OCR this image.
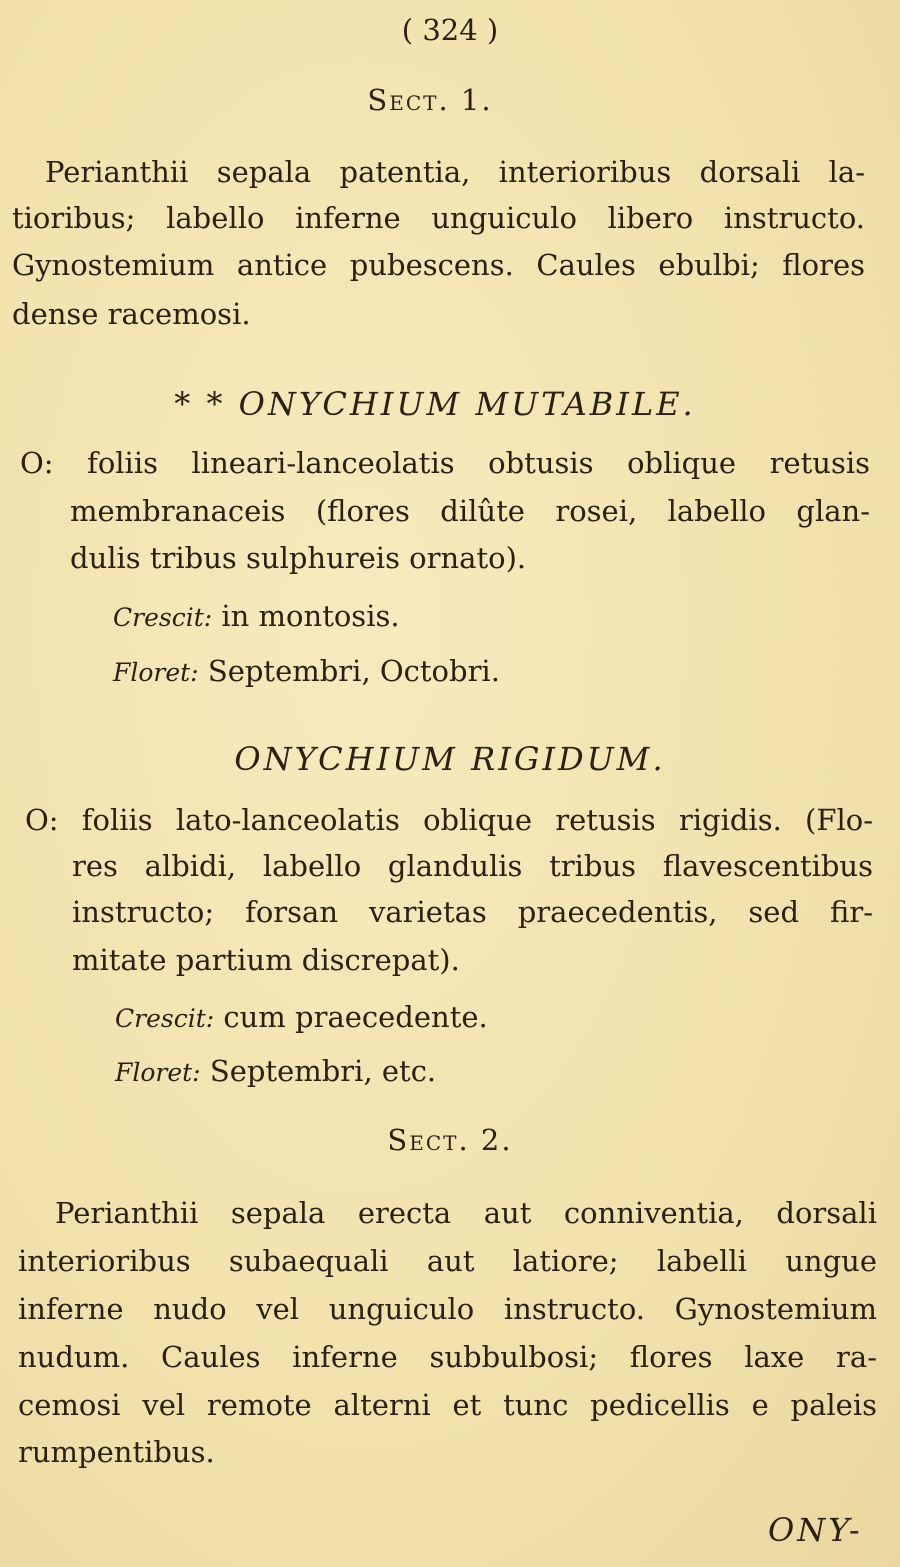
( 324 )
Sect. 1.
Perianthii sepala patentia, interioribus dorsali la-
tioribus; labello inferne unguiculo libero instructo.
Gynostemium antice pubescens. Caules ebulbi; flores
dense racemosi.
* * ONYCHIUM MUTABILE.
O: foliis lineari-lanceolatis obtusis oblique retusis
membranaceis (flores dilûte rosei, labello glan-
dulis tribus sulphureis ornato).
Crescit: in montosis.
Floret: Septembri, Octobri.
ONYCHIUM RIGIDUM.
O: foliis lato-lanceolatis oblique retusis rigidis. (Flo-
res albidi, labello glandulis tribus flavescentibus
instructo; forsan varietas praecedentis, sed fir-
mitate partium discrepat).
Crescit: cum praecedente.
Floret: Septembri, etc.
Sect. 2.
Perianthii sepala erecta aut conniventia, dorsali
interioribus subaequali aut latiore; labelli ungue
inferne nudo vel unguiculo instructo. Gynostemium
nudum. Caules inferne subbulbosi; flores laxe ra-
cemosi vel remote alterni et tunc pedicellis e paleis
rumpentibus.
ONY-
